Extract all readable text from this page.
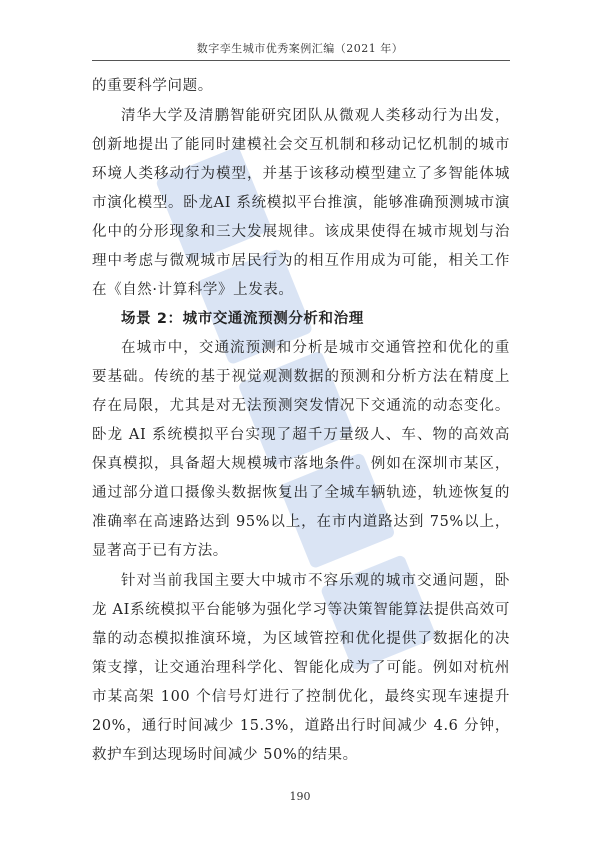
数字孪生城市优秀案例汇编（2021 年）

的重要科学问题。

清华大学及清鹏智能研究团队从微观人类移动行为出发，创新地提出了能同时建模社会交互机制和移动记忆机制的城市环境人类移动行为模型，并基于该移动模型建立了多智能体城市演化模型。卧龙AI 系统模拟平台推演，能够准确预测城市演化中的分形现象和三大发展规律。该成果使得在城市规划与治理中考虑与微观城市居民行为的相互作用成为可能，相关工作在《自然·计算科学》上发表。

场景 2：城市交通流预测分析和治理

在城市中，交通流预测和分析是城市交通管控和优化的重要基础。传统的基于视觉观测数据的预测和分析方法在精度上存在局限，尤其是对无法预测突发情况下交通流的动态变化。卧龙 AI 系统模拟平台实现了超千万量级人、车、物的高效高保真模拟，具备超大规模城市落地条件。例如在深圳市某区，通过部分道口摄像头数据恢复出了全城车辆轨迹，轨迹恢复的准确率在高速路达到 95%以上，在市内道路达到 75%以上，显著高于已有方法。

针对当前我国主要大中城市不容乐观的城市交通问题，卧龙 AI系统模拟平台能够为强化学习等决策智能算法提供高效可靠的动态模拟推演环境，为区域管控和优化提供了数据化的决策支撑，让交通治理科学化、智能化成为了可能。例如对杭州市某高架 100 个信号灯进行了控制优化，最终实现车速提升 20%，通行时间减少 15.3%，道路出行时间减少 4.6 分钟，救护车到达现场时间减少 50%的结果。

190
